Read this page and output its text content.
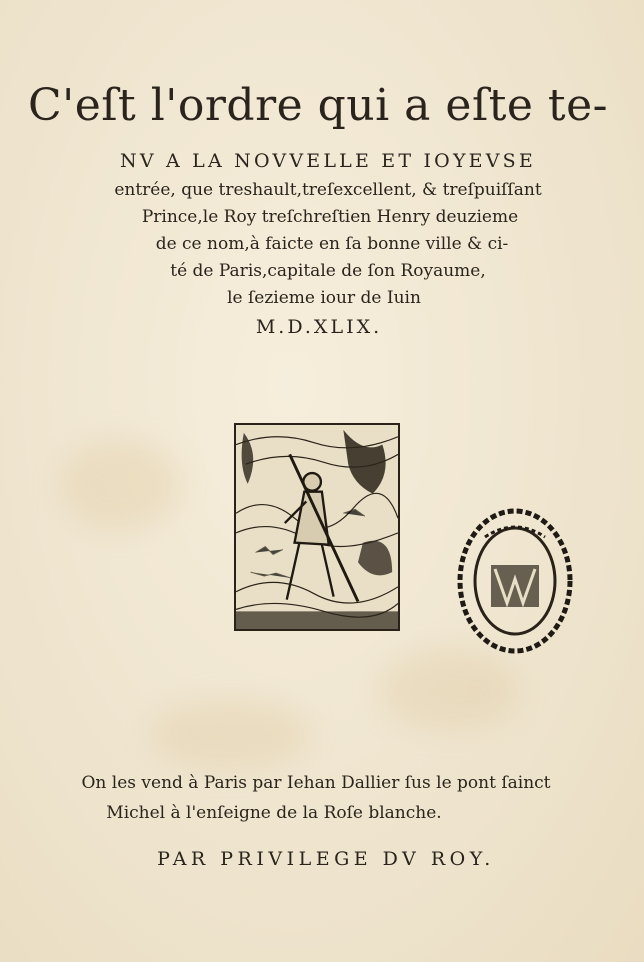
C'eſt l'ordre qui a eſte te-
NV A LA NOVVELLE ET IOYEVSE
entrée, que treshault,treſexcellent, & treſpuiſſant
Prince,le Roy treſchreſtien Henry deuzieme
de ce nom,à faicte en ſa bonne ville & ci-
té de Paris,capitale de ſon Royaume,
le ſezieme iour de Iuin
M.D.XLIX.
On les vend à Paris par Iehan Dallier ſus le pont ſainct
Michel à l'enſeigne de la Roſe blanche.
PAR PRIVILEGE DV ROY.
